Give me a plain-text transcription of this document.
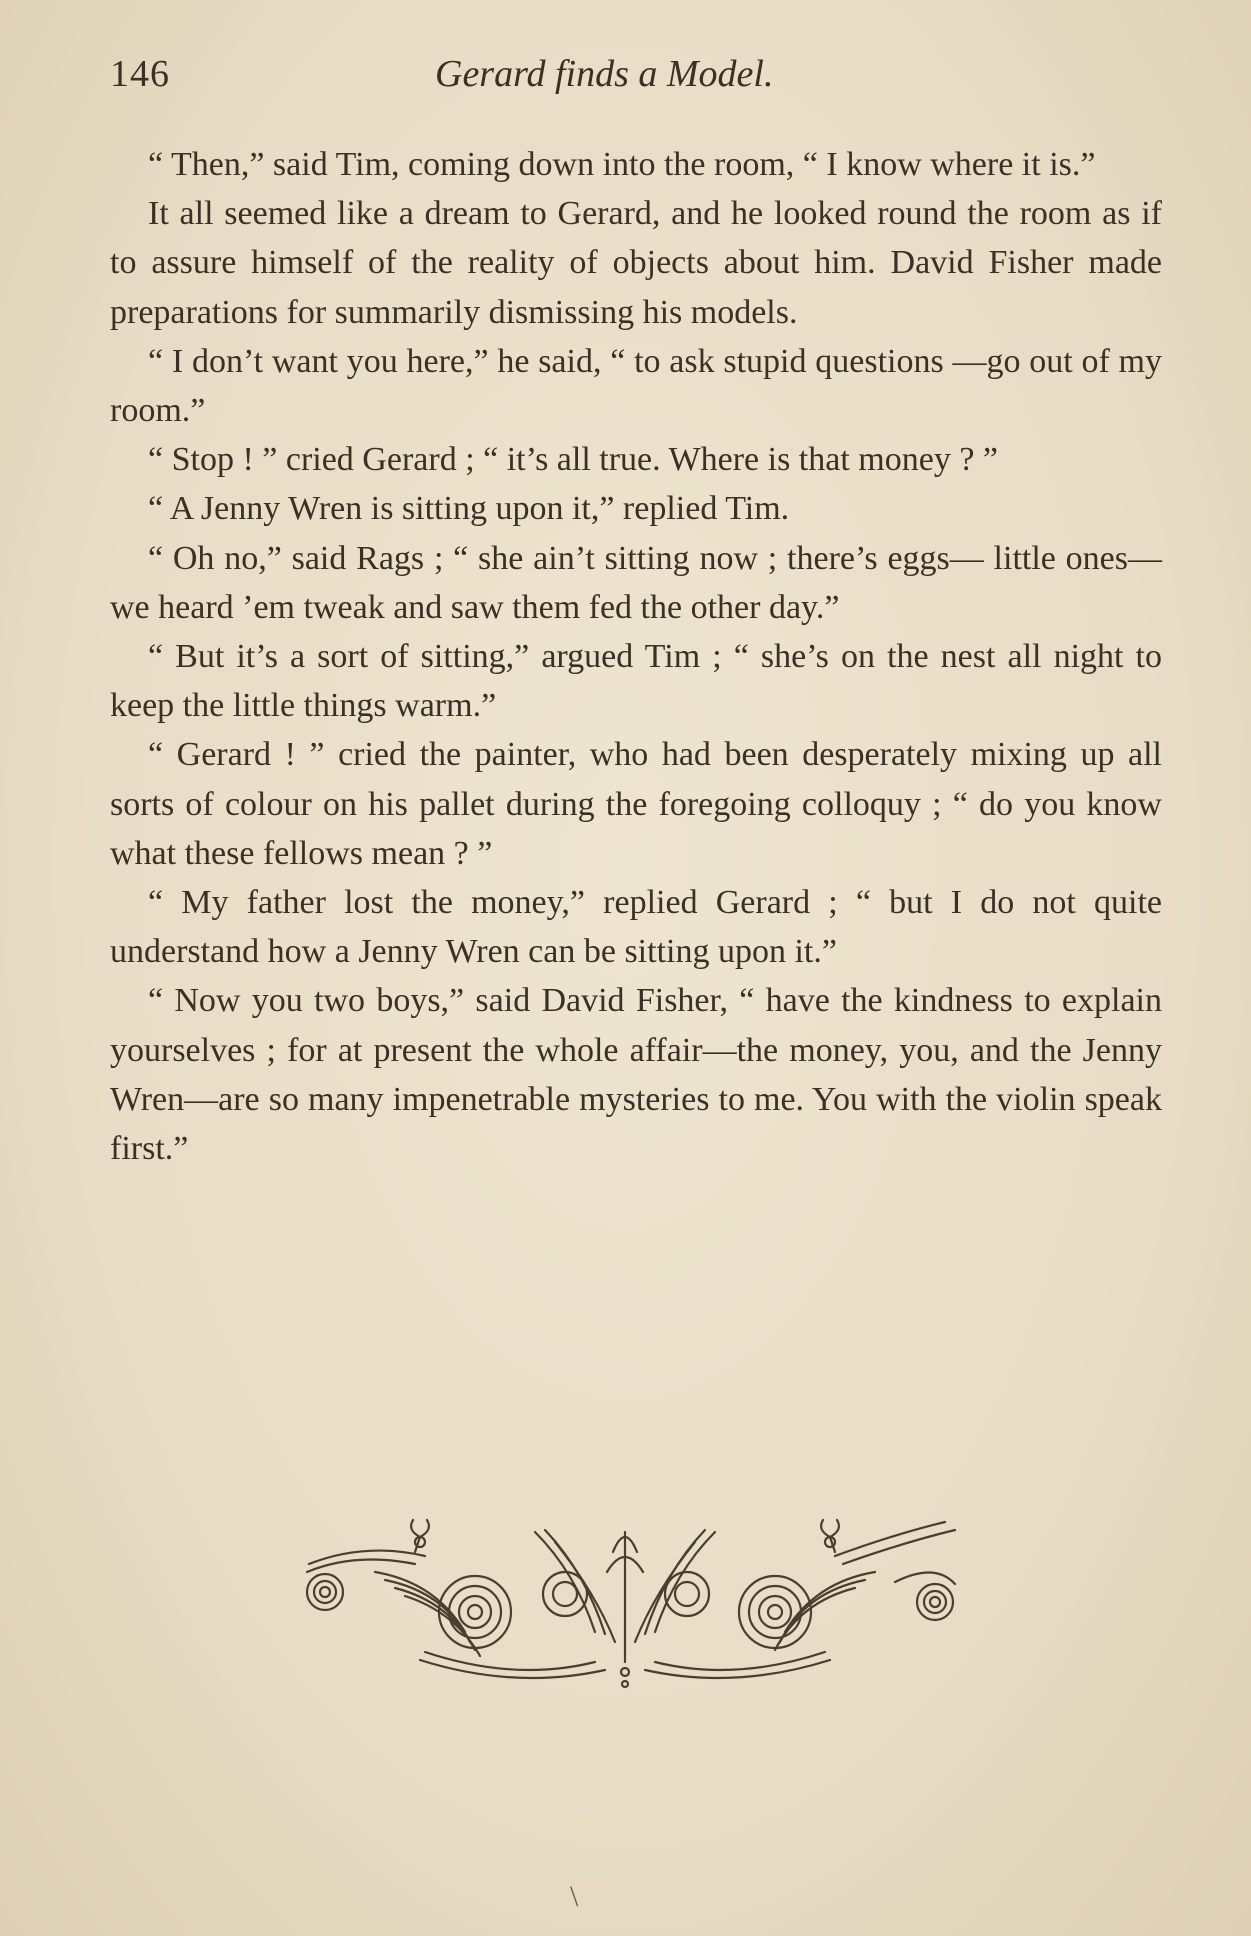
146	Gerard finds a Model.

“ Then,” said Tim, coming down into the room, “ I know where it is.”

It all seemed like a dream to Gerard, and he looked round the room as if to assure himself of the reality of objects about him. David Fisher made preparations for summarily dismissing his models.

“ I don’t want you here,” he said, “ to ask stupid questions —go out of my room.”

“ Stop ! ” cried Gerard ; “ it’s all true. Where is that money ? ”

“ A Jenny Wren is sitting upon it,” replied Tim.

“ Oh no,” said Rags ; “ she ain’t sitting now ; there’s eggs— little ones—we heard ’em tweak and saw them fed the other day.”

“ But it’s a sort of sitting,” argued Tim ; “ she’s on the nest all night to keep the little things warm.”

“ Gerard ! ” cried the painter, who had been desperately mixing up all sorts of colour on his pallet during the foregoing colloquy ; “ do you know what these fellows mean ? ”

“ My father lost the money,” replied Gerard ; “ but I do not quite understand how a Jenny Wren can be sitting upon it.”

“ Now you two boys,” said David Fisher, “ have the kindness to explain yourselves ; for at present the whole affair—the money, you, and the Jenny Wren—are so many impenetrable mysteries to me. You with the violin speak first.”

\
